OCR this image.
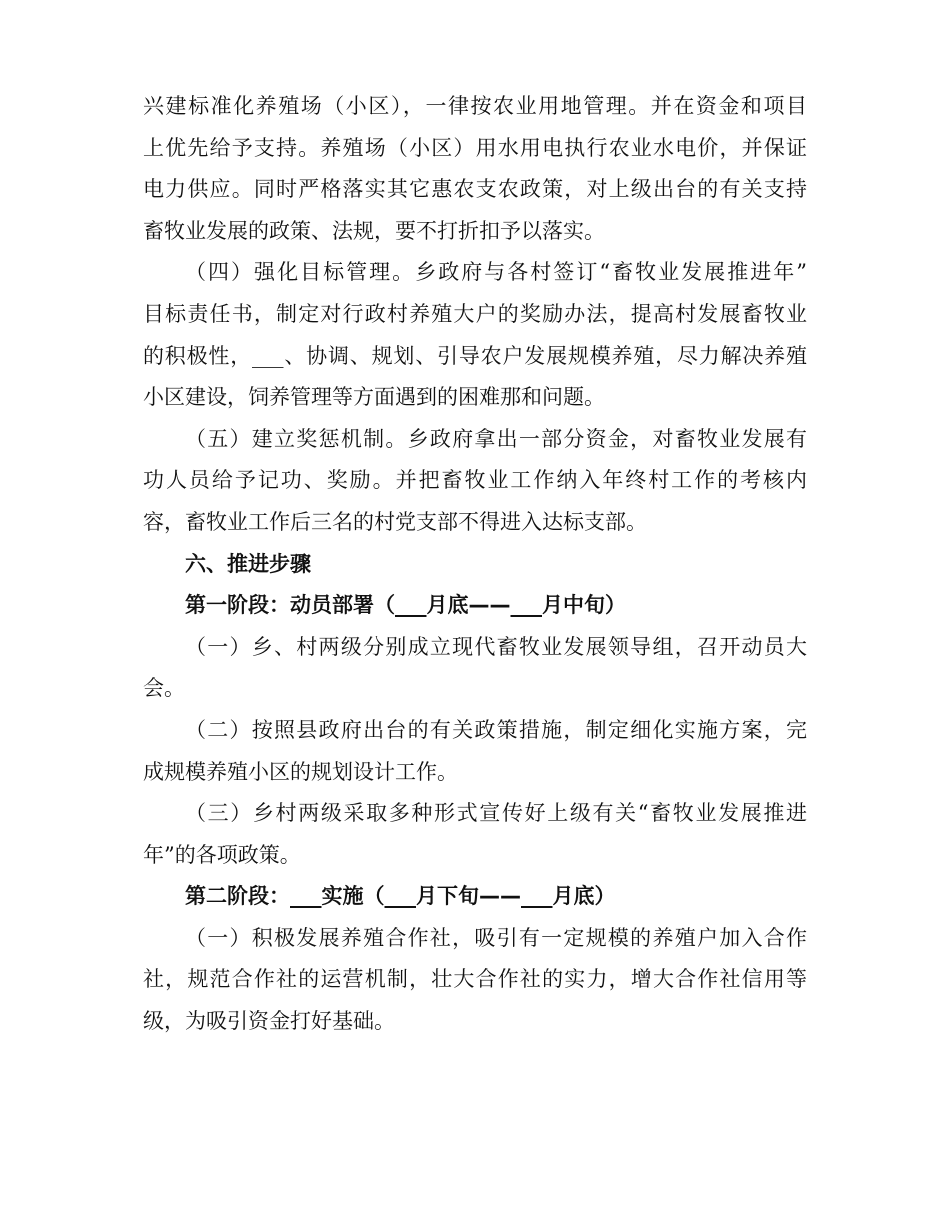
兴建标准化养殖场（小区），一律按农业用地管理。并在资金和项目
上优先给予支持。养殖场（小区）用水用电执行农业水电价，并保证
电力供应。同时严格落实其它惠农支农政策，对上级出台的有关支持
畜牧业发展的政策、法规，要不打折扣予以落实。
（四）强化目标管理。乡政府与各村签订“畜牧业发展推进年”
目标责任书，制定对行政村养殖大户的奖励办法，提高村发展畜牧业
的积极性，___、协调、规划、引导农户发展规模养殖，尽力解决养殖
小区建设，饲养管理等方面遇到的困难那和问题。
（五）建立奖惩机制。乡政府拿出一部分资金，对畜牧业发展有
功人员给予记功、奖励。并把畜牧业工作纳入年终村工作的考核内
容，畜牧业工作后三名的村党支部不得进入达标支部。
六、推进步骤
第一阶段：动员部署（___月底——___月中旬）
（一）乡、村两级分别成立现代畜牧业发展领导组，召开动员大
会。
（二）按照县政府出台的有关政策措施，制定细化实施方案，完
成规模养殖小区的规划设计工作。
（三）乡村两级采取多种形式宣传好上级有关“畜牧业发展推进
年”的各项政策。
第二阶段：___实施（___月下旬——___月底）
（一）积极发展养殖合作社，吸引有一定规模的养殖户加入合作
社，规范合作社的运营机制，壮大合作社的实力，增大合作社信用等
级，为吸引资金打好基础。
